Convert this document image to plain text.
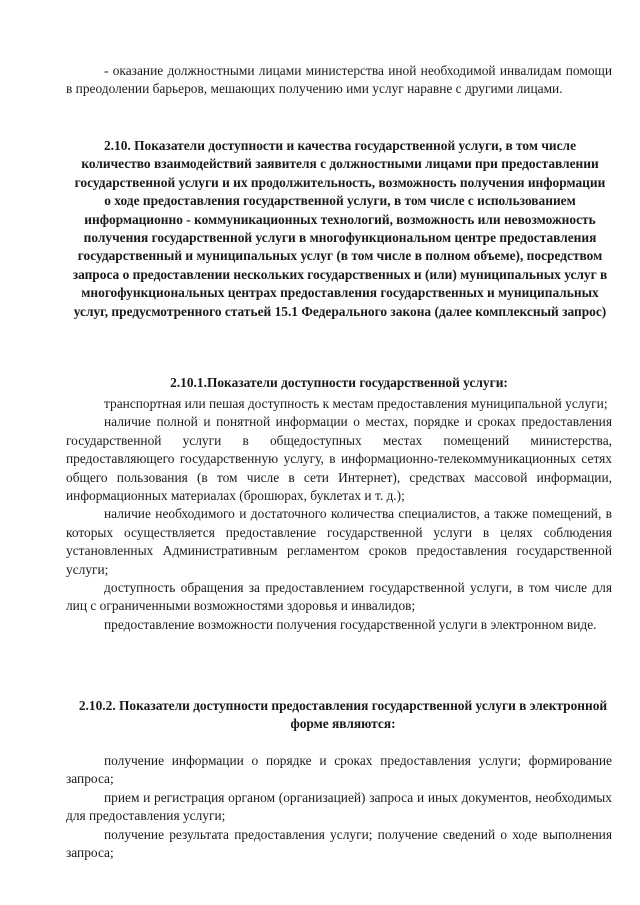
- оказание должностными лицами министерства иной необходимой инвалидам помощи в преодолении барьеров, мешающих получению ими услуг наравне с другими лицами.

2.10. Показатели доступности и качества государственной услуги, в том числе количество взаимодействий заявителя с должностными лицами при предоставлении государственной услуги и их продолжительность, возможность получения информации о ходе предоставления государственной услуги, в том числе с использованием информационно - коммуникационных технологий, возможность или невозможность получения государственной услуги в многофункциональном центре предоставления государственный и муниципальных услуг (в том числе в полном объеме), посредством запроса о предоставлении нескольких государственных и (или) муниципальных услуг в многофункциональных центрах предоставления государственных и муниципальных услуг, предусмотренного статьей 15.1 Федерального закона (далее комплексный запрос)

2.10.1.Показатели доступности государственной услуги:

транспортная или пешая доступность к местам предоставления муниципальной услуги;

наличие полной и понятной информации о местах, порядке и сроках предоставления государственной услуги в общедоступных местах помещений министерства, предоставляющего государственную услугу, в информационно-телекоммуникационных сетях общего пользования (в том числе в сети Интернет), средствах массовой информации, информационных материалах (брошюрах, буклетах и т. д.);

наличие необходимого и достаточного количества специалистов, а также помещений, в которых осуществляется предоставление государственной услуги в целях соблюдения установленных Административным регламентом сроков предоставления государственной услуги;

доступность обращения за предоставлением государственной услуги, в том числе для лиц с ограниченными возможностями здоровья и инвалидов;

предоставление возможности получения государственной услуги в электронном виде.

2.10.2. Показатели доступности предоставления государственной услуги в электронной форме являются:

получение информации о порядке и сроках предоставления услуги; формирование запроса;

прием и регистрация органом (организацией) запроса и иных документов, необходимых для предоставления услуги;

получение результата предоставления услуги; получение сведений о ходе выполнения запроса;
